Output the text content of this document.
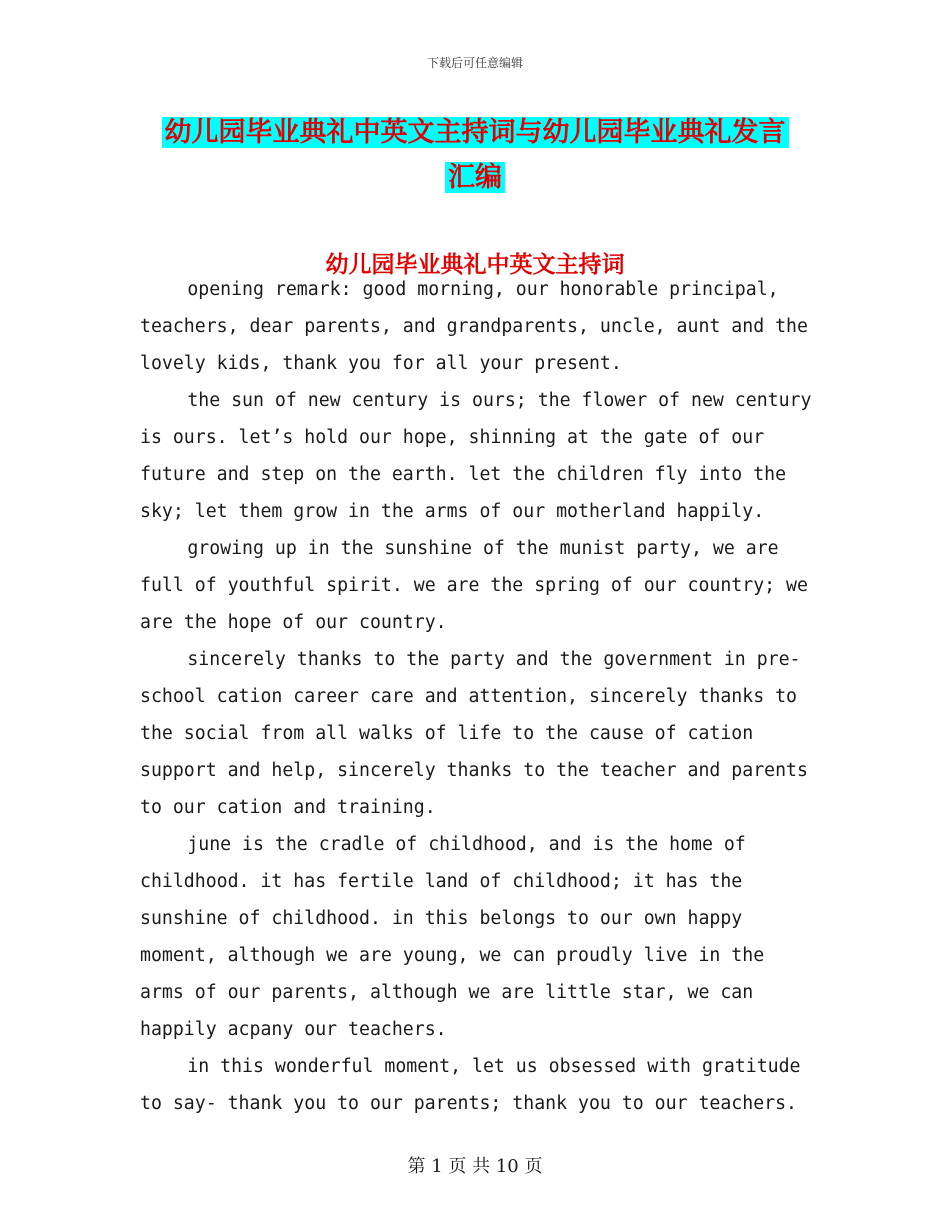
下载后可任意编辑
幼儿园毕业典礼中英文主持词与幼儿园毕业典礼发言
汇编
幼儿园毕业典礼中英文主持词

opening remark: good morning, our honorable principal, teachers, dear parents, and grandparents, uncle, aunt and the lovely kids, thank you for all your present.

the sun of new century is ours; the flower of new century is ours. let’s hold our hope, shinning at the gate of our future and step on the earth. let the children fly into the sky; let them grow in the arms of our motherland happily.

growing up in the sunshine of the munist party, we are full of youthful spirit. we are the spring of our country; we are the hope of our country.

sincerely thanks to the party and the government in pre-school cation career care and attention, sincerely thanks to the social from all walks of life to the cause of cation support and help, sincerely thanks to the teacher and parents to our cation and training.

june is the cradle of childhood, and is the home of childhood. it has fertile land of childhood; it has the sunshine of childhood. in this belongs to our own happy moment, although we are young, we can proudly live in the arms of our parents, although we are little star, we can happily acpany our teachers.

in this wonderful moment, let us obsessed with gratitude to say- thank you to our parents; thank you to our teachers.

第 1 页 共 10 页
